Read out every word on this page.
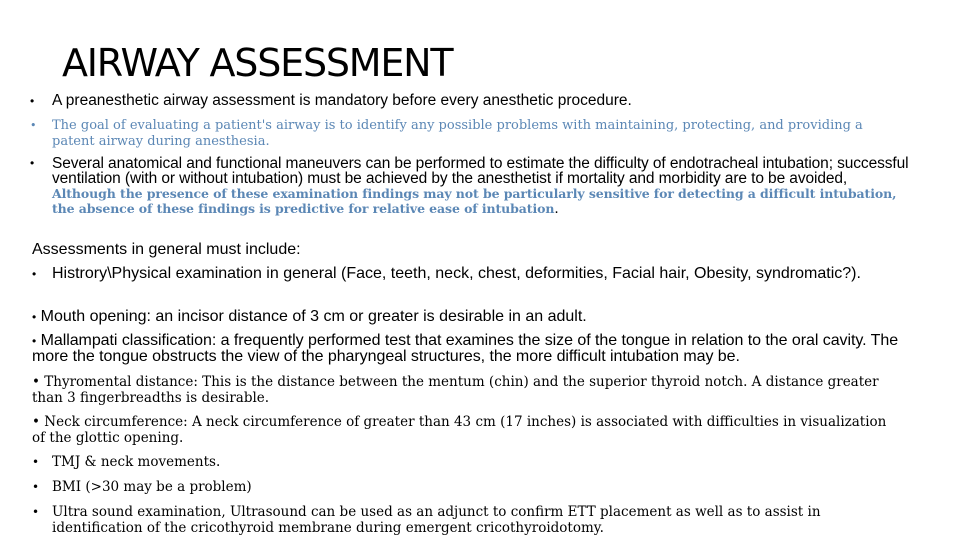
AIRWAY ASSESSMENT
•	A preanesthetic airway assessment is mandatory before every anesthetic procedure.
•	The goal of evaluating a patient's airway is to identify any possible problems with maintaining, protecting, and providing a patent airway during anesthesia.
•	Several anatomical and functional maneuvers can be performed to estimate the difficulty of endotracheal intubation; successful ventilation (with or without intubation) must be achieved by the anesthetist if mortality and morbidity are to be avoided, Although the presence of these examination findings may not be particularly sensitive for detecting a difficult intubation, the absence of these findings is predictive for relative ease of intubation.
Assessments in general must include:
• Histrory\Physical examination in general (Face, teeth, neck, chest, deformities, Facial hair, Obesity, syndromatic?).
• Mouth opening: an incisor distance of 3 cm or greater is desirable in an adult.
• Mallampati classification: a frequently performed test that examines the size of the tongue in relation to the oral cavity. The more the tongue obstructs the view of the pharyngeal structures, the more difficult intubation may be.
• Thyromental distance: This is the distance between the mentum (chin) and the superior thyroid notch. A distance greater than 3 fingerbreadths is desirable.
• Neck circumference: A neck circumference of greater than 43 cm (17 inches) is associated with difficulties in visualization of the glottic opening.
• TMJ & neck movements.
• BMI (>30 may be a problem)
• Ultra sound examination, Ultrasound can be used as an adjunct to confirm ETT placement as well as to assist in identification of the cricothyroid membrane during emergent cricothyroidotomy.
